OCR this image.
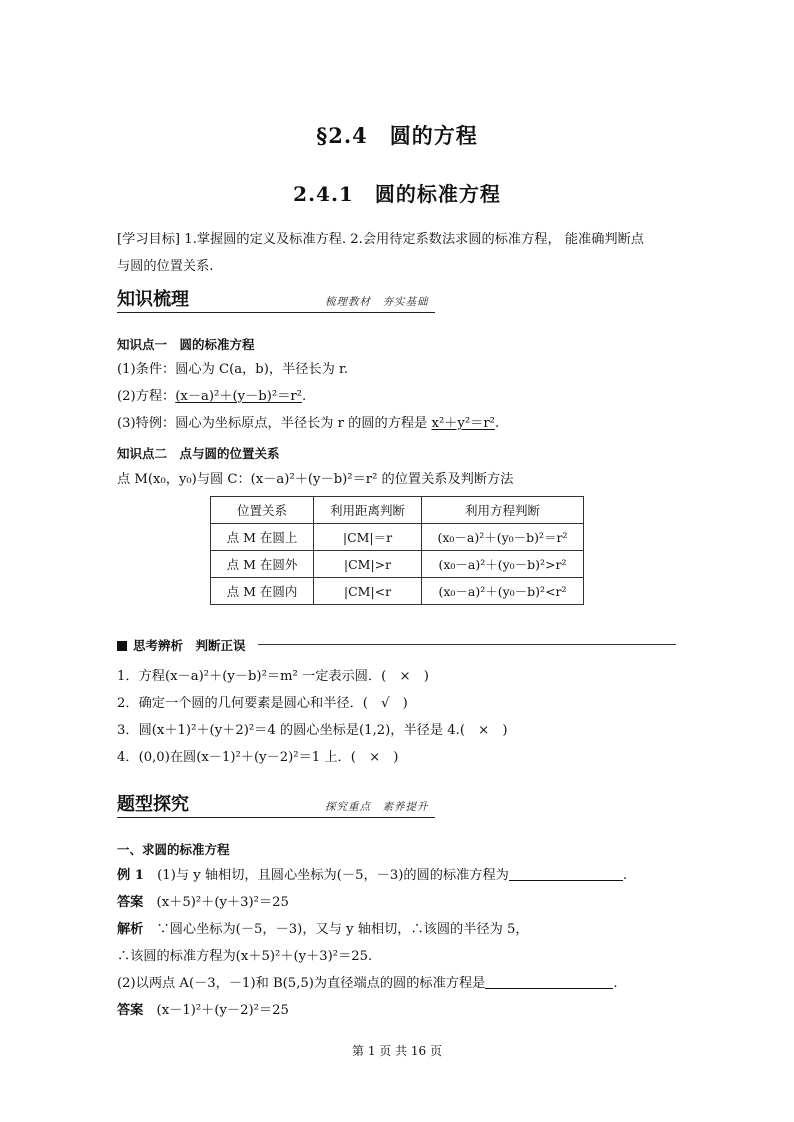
§2.4　圆的方程
2.4.1　圆的标准方程
[学习目标] 1.掌握圆的定义及标准方程. 2.会用待定系数法求圆的标准方程， 能准确判断点
与圆的位置关系.
知识梳理	梳理教材　夯实基础
知识点一　圆的标准方程
(1)条件：圆心为 C(a，b)，半径长为 r.
(2)方程：(x－a)²＋(y－b)²＝r².
(3)特例：圆心为坐标原点，半径长为 r 的圆的方程是 x²＋y²＝r².
知识点二　点与圆的位置关系
点 M(x₀，y₀)与圆 C：(x－a)²＋(y－b)²＝r² 的位置关系及判断方法
位置关系	利用距离判断	利用方程判断
点 M 在圆上	|CM|＝r	(x₀－a)²＋(y₀－b)²＝r²
点 M 在圆外	|CM|>r	(x₀－a)²＋(y₀－b)²>r²
点 M 在圆内	|CM|<r	(x₀－a)²＋(y₀－b)²<r²
思考辨析　判断正误
1．方程(x－a)²＋(y－b)²＝m² 一定表示圆．(　×　)
2．确定一个圆的几何要素是圆心和半径．(　√　)
3．圆(x＋1)²＋(y＋2)²＝4 的圆心坐标是(1,2)，半径是 4.(　×　)
4．(0,0)在圆(x－1)²＋(y－2)²＝1 上．(　×　)
题型探究	探究重点　素养提升
一、求圆的标准方程
例 1　(1)与 y 轴相切，且圆心坐标为(－5，－3)的圆的标准方程为	.
答案　(x＋5)²＋(y＋3)²＝25
解析　∵圆心坐标为(－5，－3)，又与 y 轴相切，∴该圆的半径为 5，
∴该圆的标准方程为(x＋5)²＋(y＋3)²＝25.
(2)以两点 A(－3，－1)和 B(5,5)为直径端点的圆的标准方程是	.
答案　(x－1)²＋(y－2)²＝25
第 1 页 共 16 页
